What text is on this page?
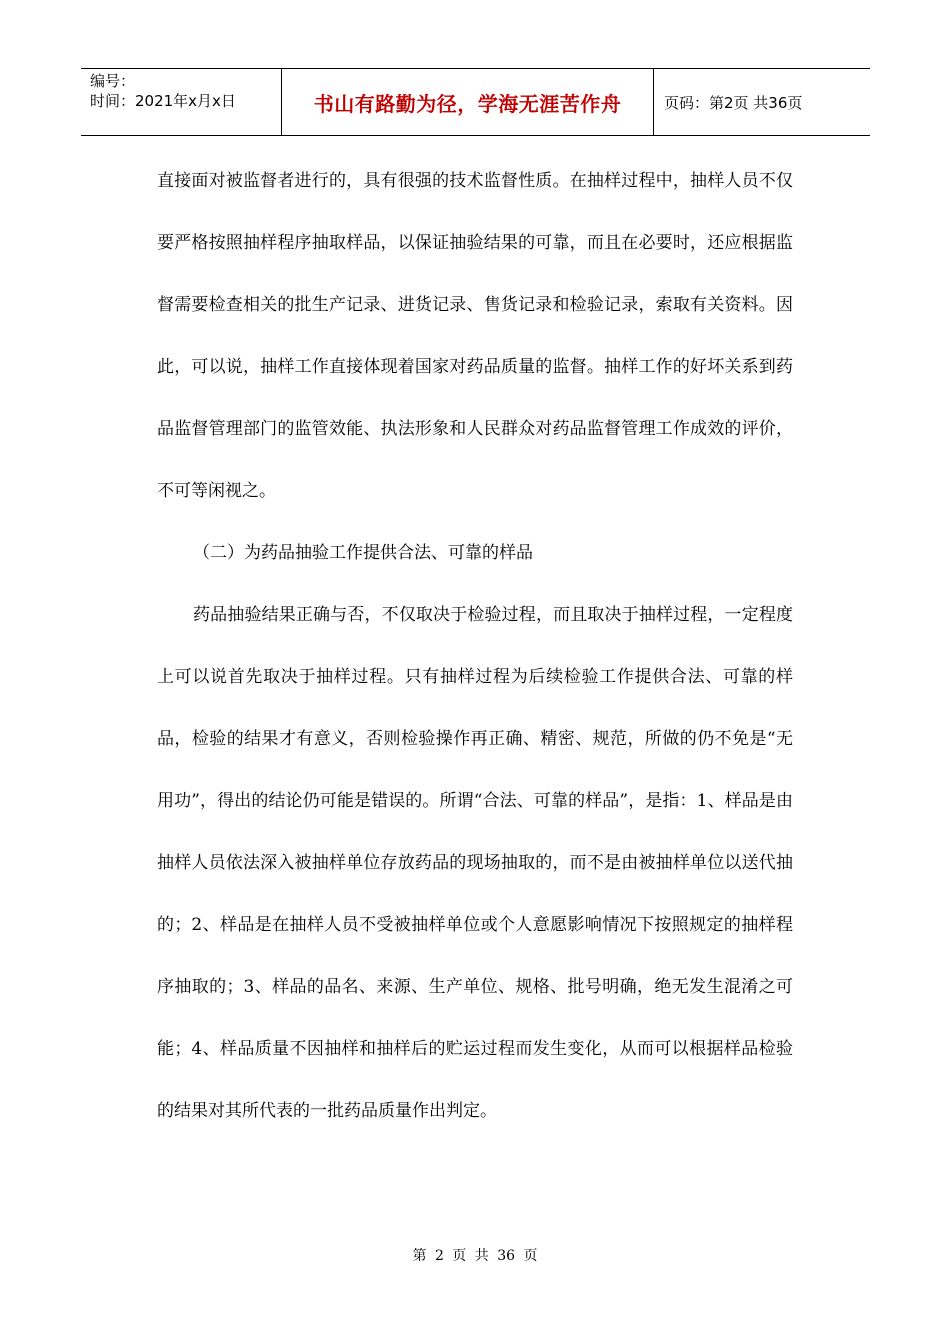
编号：
时间：2021年x月x日	书山有路勤为径，学海无涯苦作舟	页码：第2页 共36页

直接面对被监督者进行的，具有很强的技术监督性质。在抽样过程中，抽样人员不仅要严格按照抽样程序抽取样品，以保证抽验结果的可靠，而且在必要时，还应根据监督需要检查相关的批生产记录、进货记录、售货记录和检验记录，索取有关资料。因此，可以说，抽样工作直接体现着国家对药品质量的监督。抽样工作的好坏关系到药品监督管理部门的监管效能、执法形象和人民群众对药品监督管理工作成效的评价，不可等闲视之。

（二）为药品抽验工作提供合法、可靠的样品

药品抽验结果正确与否，不仅取决于检验过程，而且取决于抽样过程，一定程度上可以说首先取决于抽样过程。只有抽样过程为后续检验工作提供合法、可靠的样品，检验的结果才有意义，否则检验操作再正确、精密、规范，所做的仍不免是“无用功”，得出的结论仍可能是错误的。所谓“合法、可靠的样品”，是指：1、样品是由抽样人员依法深入被抽样单位存放药品的现场抽取的，而不是由被抽样单位以送代抽的；2、样品是在抽样人员不受被抽样单位或个人意愿影响情况下按照规定的抽样程序抽取的；3、样品的品名、来源、生产单位、规格、批号明确，绝无发生混淆之可能；4、样品质量不因抽样和抽样后的贮运过程而发生变化，从而可以根据样品检验的结果对其所代表的一批药品质量作出判定。

第 2 页 共 36 页
